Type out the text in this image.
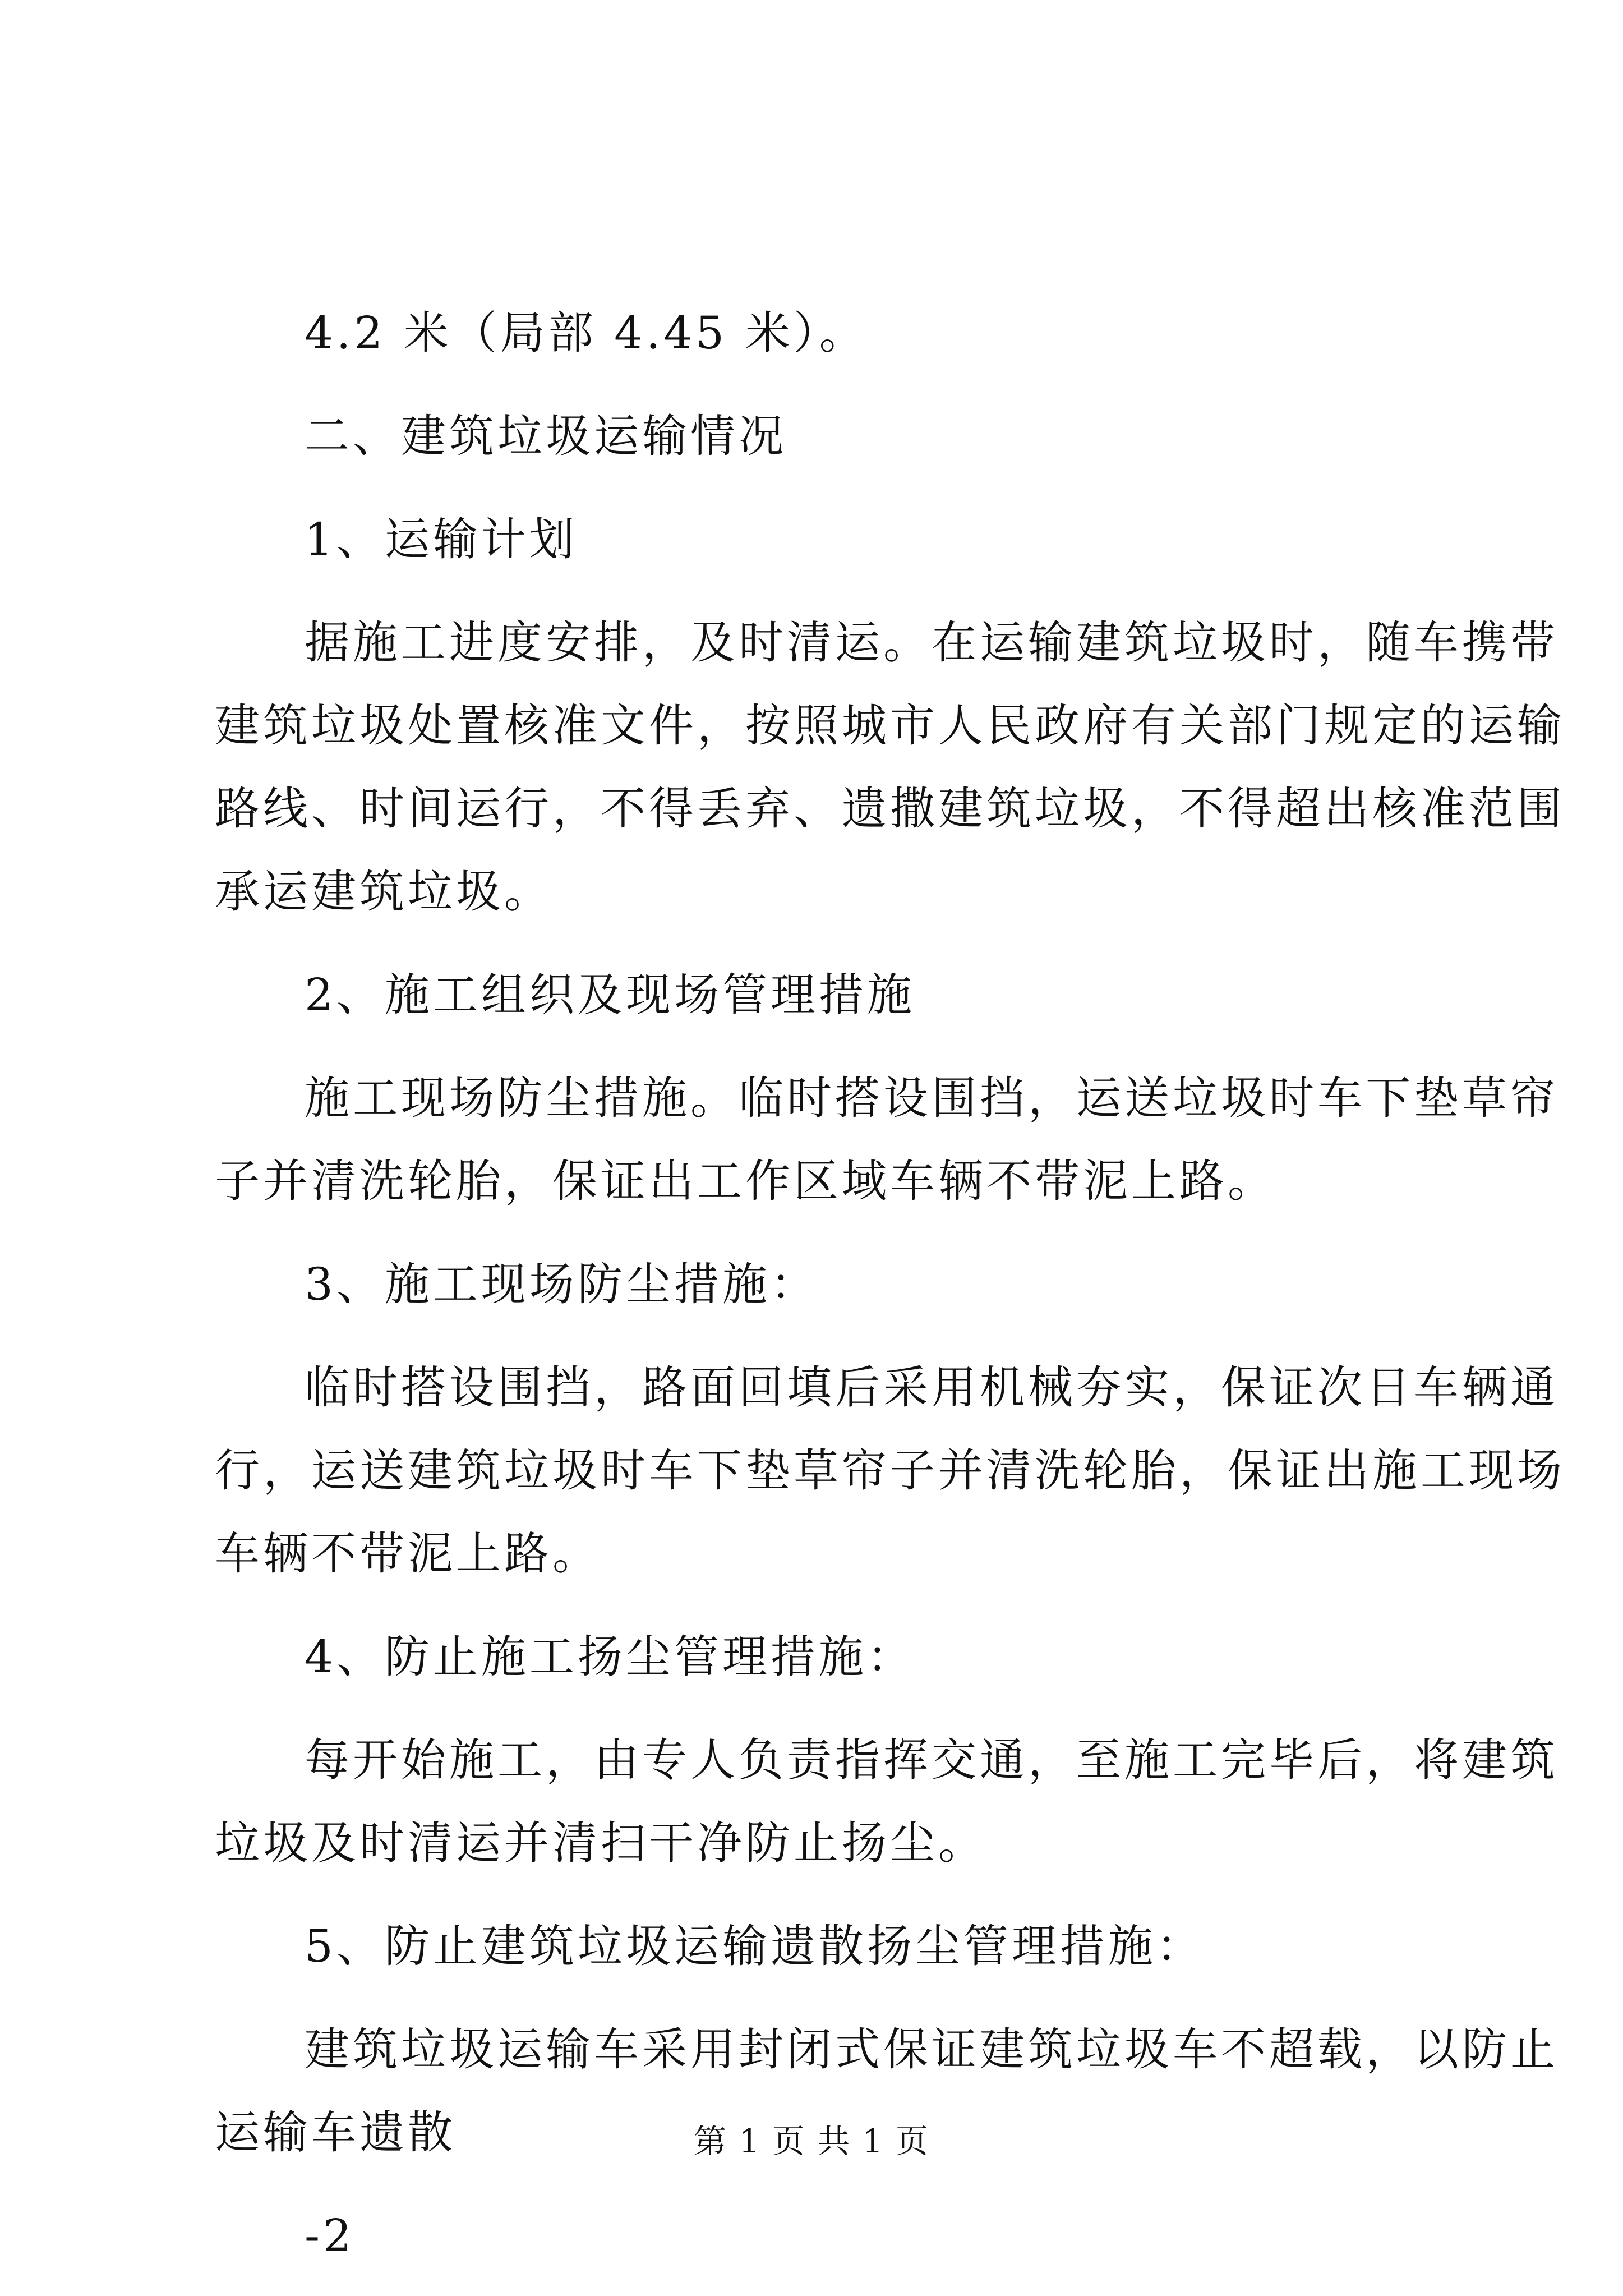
4.2 米（局部 4.45 米）。
二、建筑垃圾运输情况
1、运输计划
据施工进度安排，及时清运。在运输建筑垃圾时，随车携带
建筑垃圾处置核准文件，按照城市人民政府有关部门规定的运输
路线、时间运行，不得丢弃、遗撒建筑垃圾，不得超出核准范围
承运建筑垃圾。
2、施工组织及现场管理措施
施工现场防尘措施。临时搭设围挡，运送垃圾时车下垫草帘
子并清洗轮胎，保证出工作区域车辆不带泥上路。
3、施工现场防尘措施：
临时搭设围挡，路面回填后采用机械夯实，保证次日车辆通
行，运送建筑垃圾时车下垫草帘子并清洗轮胎，保证出施工现场
车辆不带泥上路。
4、防止施工扬尘管理措施：
每开始施工，由专人负责指挥交通，至施工完毕后，将建筑
垃圾及时清运并清扫干净防止扬尘。
5、防止建筑垃圾运输遗散扬尘管理措施：
建筑垃圾运输车采用封闭式保证建筑垃圾车不超载，以防止
运输车遗散
-2
第 1 页 共 1 页
